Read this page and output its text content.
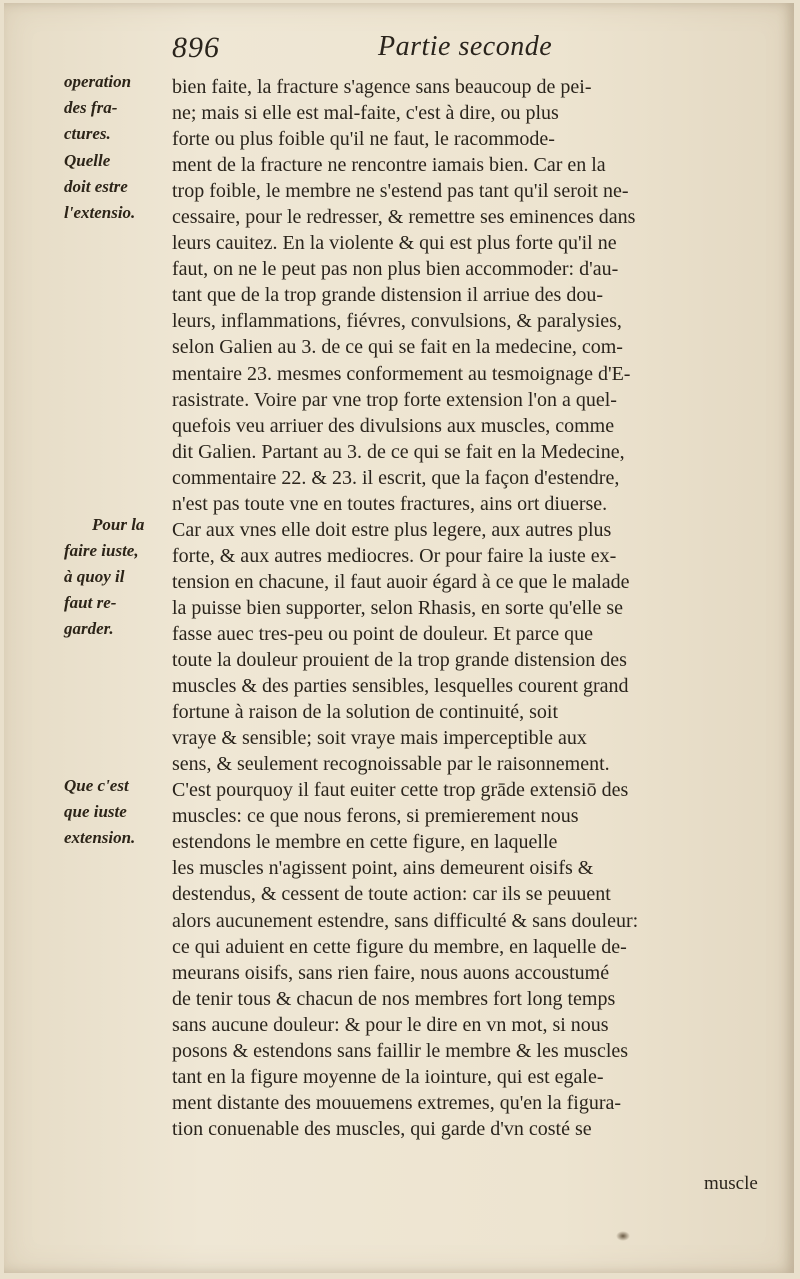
896	Partie seconde
operation
des fra-
ctures.
Quelle
doit estre
l'extensio.
Pour la
faire iuste,
à quoy il
faut re-
garder.
Que c'est
que iuste
extension.
bien faite, la fracture s'agence sans beaucoup de pei-
ne; mais si elle est mal-faite, c'est à dire, ou plus
forte ou plus foible qu'il ne faut, le racommode-
ment de la fracture ne rencontre iamais bien. Car en la
trop foible, le membre ne s'estend pas tant qu'il seroit ne-
cessaire, pour le redresser, & remettre ses eminences dans
leurs cauitez. En la violente & qui est plus forte qu'il ne
faut, on ne le peut pas non plus bien accommoder: d'au-
tant que de la trop grande distension il arriue des dou-
leurs, inflammations, fiévres, convulsions, & paralysies,
selon Galien au 3. de ce qui se fait en la medecine, com-
mentaire 23. mesmes conformement au tesmoignage d'E-
rasistrate. Voire par vne trop forte extension l'on a quel-
quefois veu arriuer des divulsions aux muscles, comme
dit Galien. Partant au 3. de ce qui se fait en la Medecine,
commentaire 22. & 23. il escrit, que la façon d'estendre,
n'est pas toute vne en toutes fractures, ains ort diuerse.
Car aux vnes elle doit estre plus legere, aux autres plus
forte, & aux autres mediocres. Or pour faire la iuste ex-
tension en chacune, il faut auoir égard à ce que le malade
la puisse bien supporter, selon Rhasis, en sorte qu'elle se
fasse auec tres-peu ou point de douleur. Et parce que
toute la douleur prouient de la trop grande distension des
muscles & des parties sensibles, lesquelles courent grand
fortune à raison de la solution de continuité, soit
vraye & sensible; soit vraye mais imperceptible aux
sens, & seulement recognoissable par le raisonnement.
C'est pourquoy il faut euiter cette trop grāde extensiō des
muscles: ce que nous ferons, si premierement nous
estendons le membre en cette figure, en laquelle
les muscles n'agissent point, ains demeurent oisifs &
destendus, & cessent de toute action: car ils se peuuent
alors aucunement estendre, sans difficulté & sans douleur:
ce qui aduient en cette figure du membre, en laquelle de-
meurans oisifs, sans rien faire, nous auons accoustumé
de tenir tous & chacun de nos membres fort long temps
sans aucune douleur: & pour le dire en vn mot, si nous
posons & estendons sans faillir le membre & les muscles
tant en la figure moyenne de la iointure, qui est egale-
ment distante des mouuemens extremes, qu'en la figura-
tion conuenable des muscles, qui garde d'vn costé se
muscle
